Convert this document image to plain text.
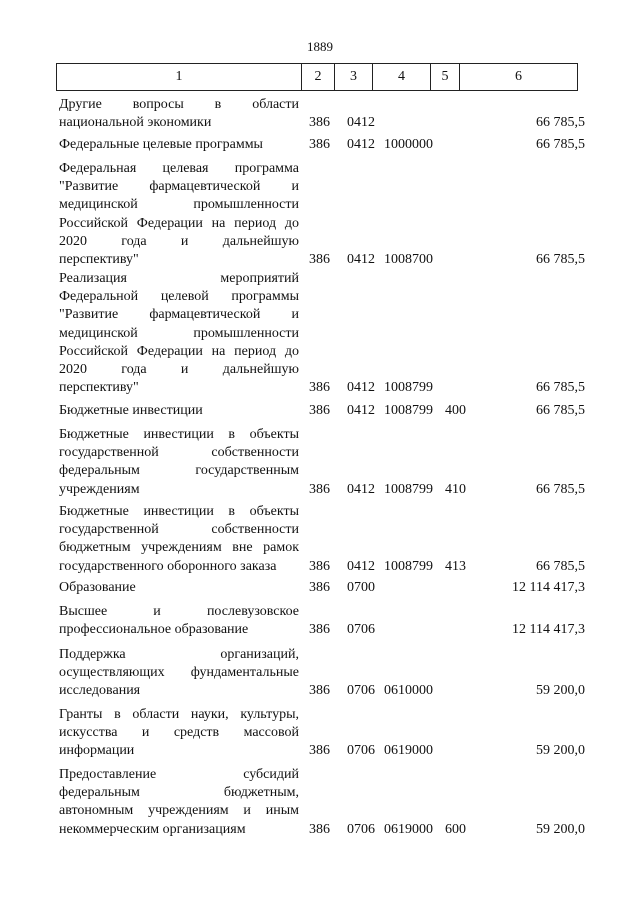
1889
1	2	3	4	5	6
Другие вопросы в области
национальной экономики	386 0412	66 785,5
Федеральные целевые программы	386 0412 1000000	66 785,5
Федеральная целевая программа
"Развитие фармацевтической и
медицинской промышленности
Российской Федерации на период до
2020 года и дальнейшую
перспективу"	386 0412 1008700	66 785,5
Реализация мероприятий
Федеральной целевой программы
"Развитие фармацевтической и
медицинской промышленности
Российской Федерации на период до
2020 года и дальнейшую
перспективу"	386 0412 1008799	66 785,5
Бюджетные инвестиции	386 0412 1008799 400	66 785,5
Бюджетные инвестиции в объекты
государственной собственности
федеральным государственным
учреждениям	386 0412 1008799 410	66 785,5
Бюджетные инвестиции в объекты
государственной собственности
бюджетным учреждениям вне рамок
государственного оборонного заказа	386 0412 1008799 413	66 785,5
Образование	386 0700	12 114 417,3
Высшее и послевузовское
профессиональное образование	386 0706	12 114 417,3
Поддержка организаций,
осуществляющих фундаментальные
исследования	386 0706 0610000	59 200,0
Гранты в области науки, культуры,
искусства и средств массовой
информации	386 0706 0619000	59 200,0
Предоставление субсидий
федеральным бюджетным,
автономным учреждениям и иным
некоммерческим организациям	386 0706 0619000 600	59 200,0
